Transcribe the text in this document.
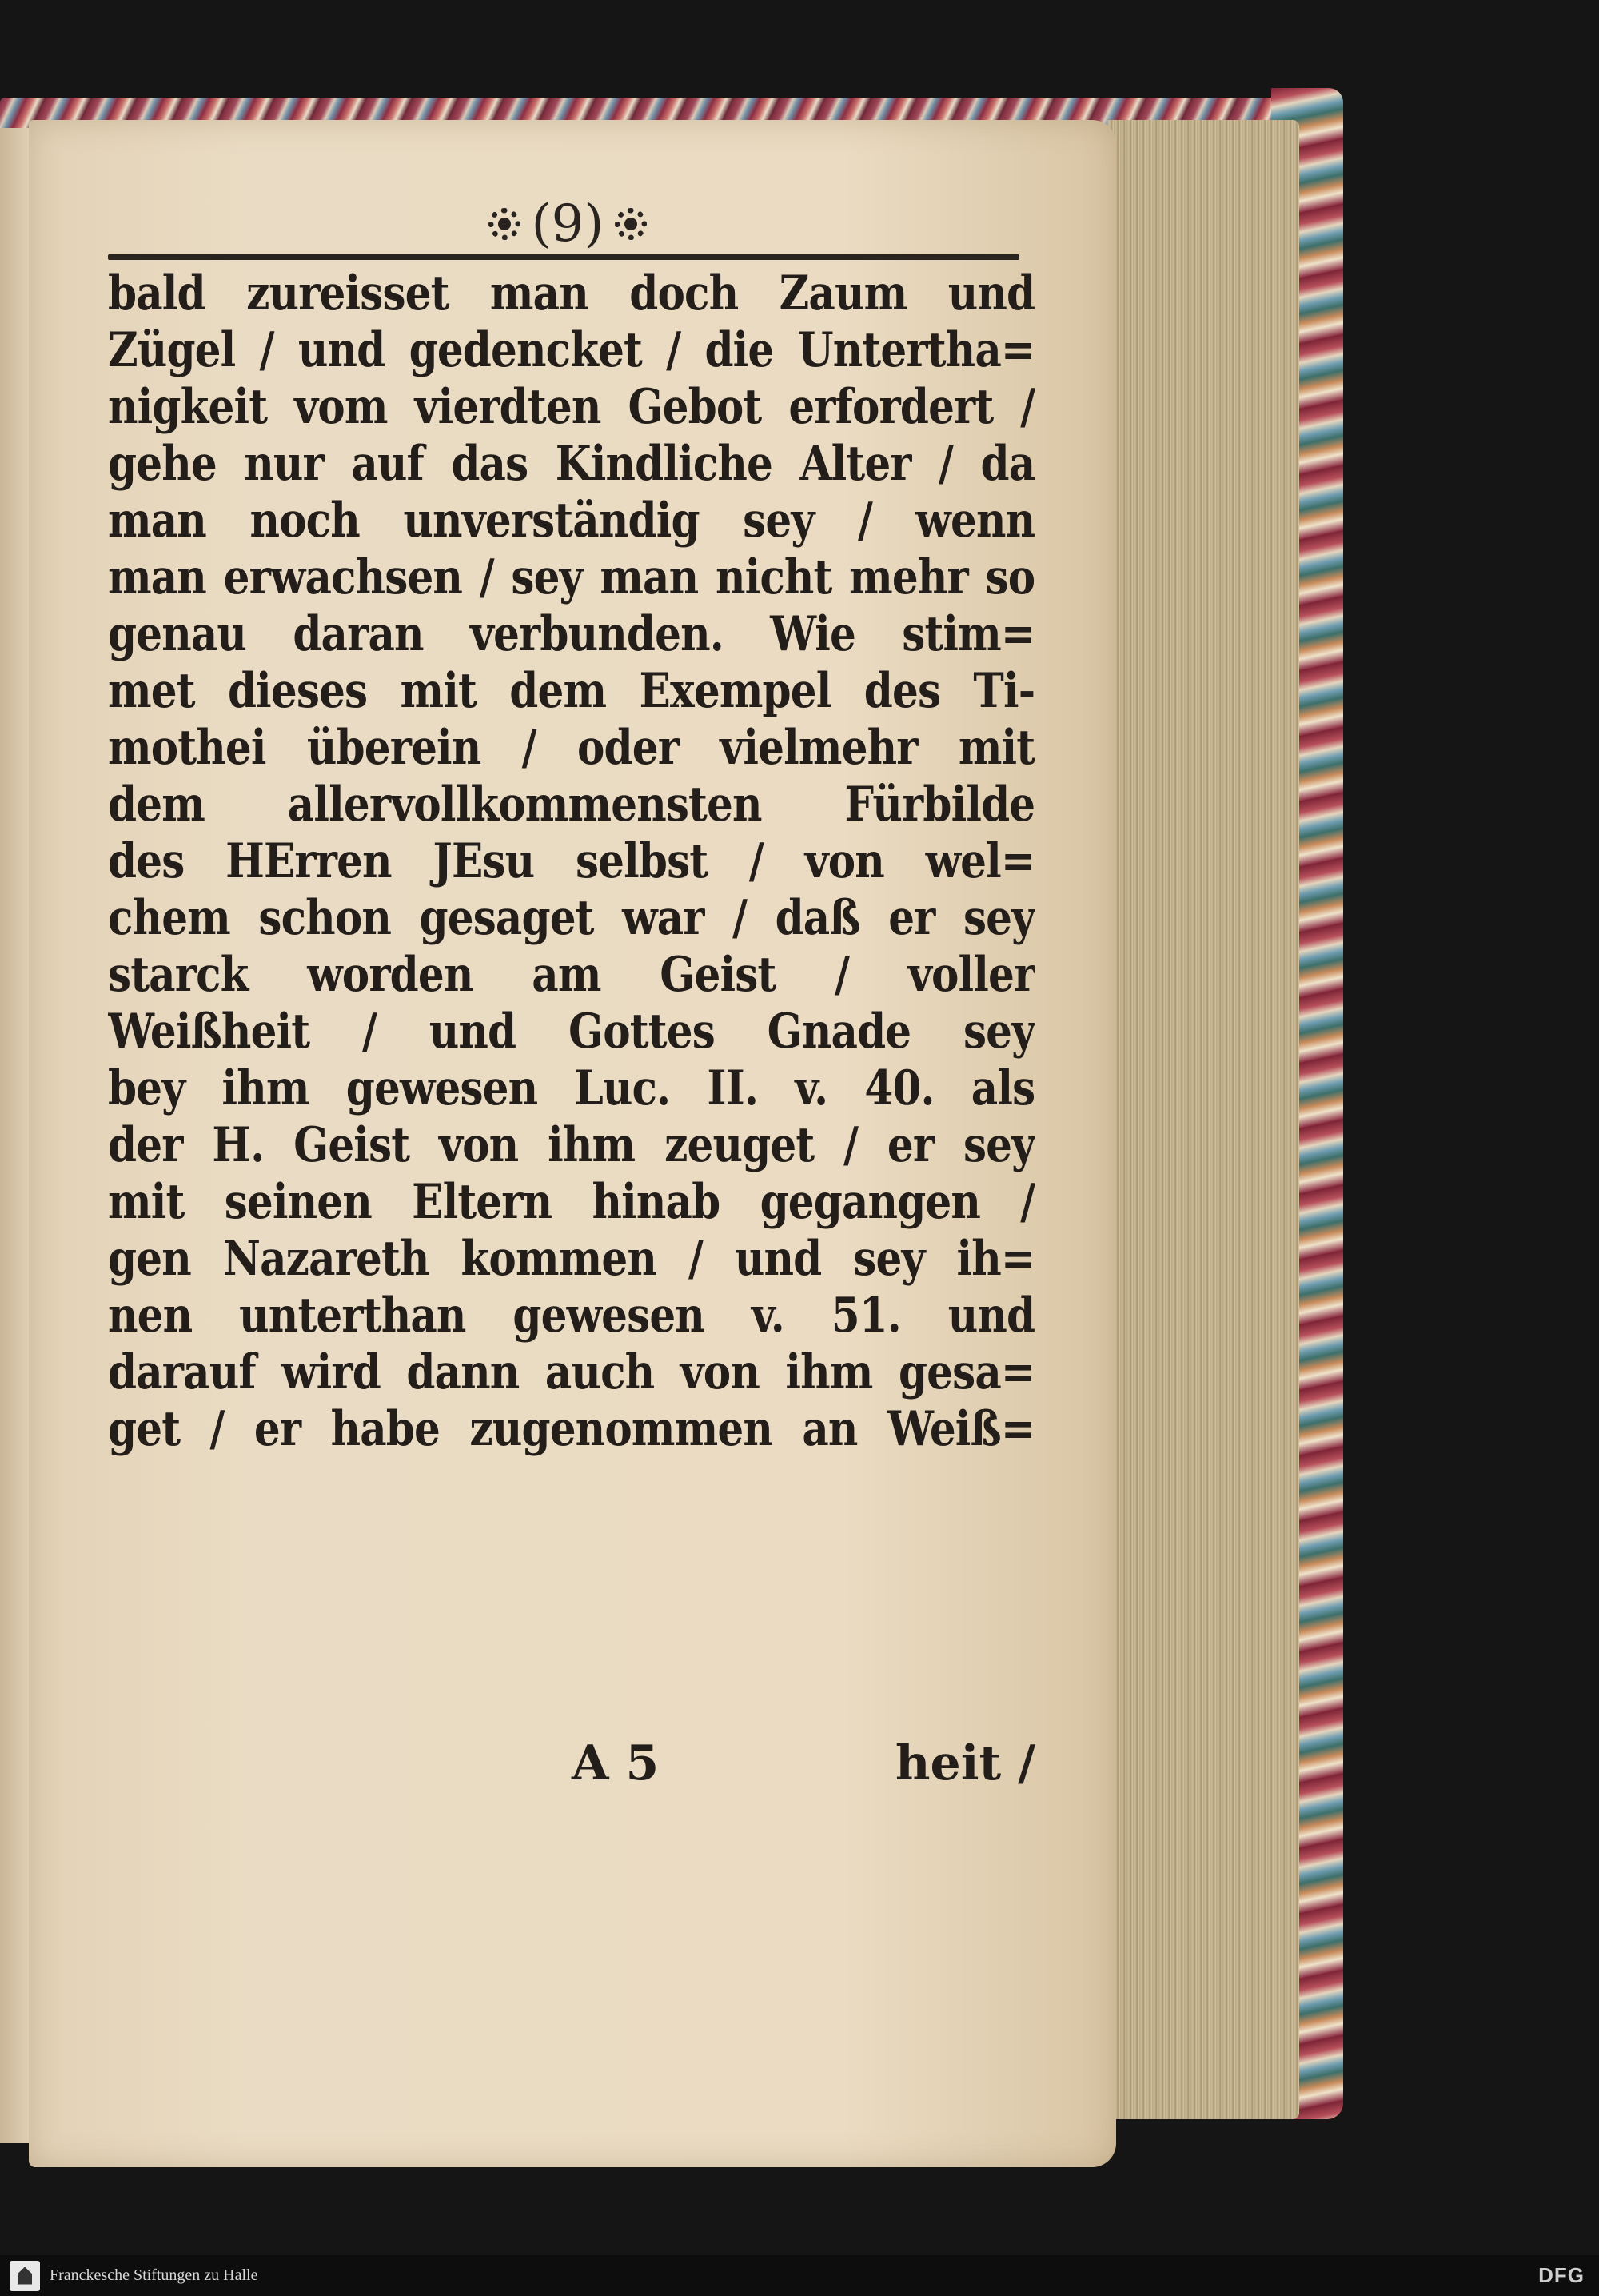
(9)
bald zureisset man doch Zaum und
Zügel / und gedencket / die Untertha=
nigkeit vom vierdten Gebot erfordert /
gehe nur auf das Kindliche Alter / da
man noch unverständig sey / wenn
man erwachsen / sey man nicht mehr so
genau daran verbunden. Wie stim=
met dieses mit dem Exempel des Ti-
mothei überein / oder vielmehr mit
dem allervollkommensten Fürbilde
des HErren JEsu selbst / von wel=
chem schon gesaget war / daß er sey
starck worden am Geist / voller
Weißheit / und Gottes Gnade sey
bey ihm gewesen Luc. II. v. 40. als
der H. Geist von ihm zeuget / er sey
mit seinen Eltern hinab gegangen /
gen Nazareth kommen / und sey ih=
nen unterthan gewesen v. 51. und
darauf wird dann auch von ihm gesa=
get / er habe zugenommen an Weiß=
A 5	heit /
Franckesche Stiftungen zu Halle	DFG
